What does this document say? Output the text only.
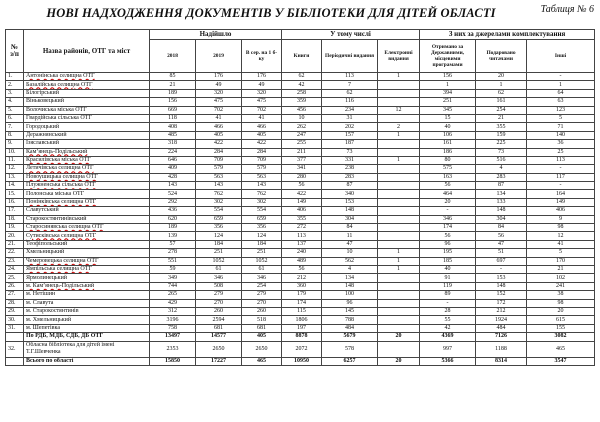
НОВІ НАДХОДЖЕННЯ ДОКУМЕНТІВ У БІБЛІОТЕКИ ДЛЯ ДІТЕЙ ОБЛАСТІ	Таблиця № 6
№ з/п	Назва районів, ОТГ та міст	Надійшло			У тому числі			З них за джерелами комплектування		
		2018	2019	В сер. на 1 б-ку	Книги	Періодичні видання	Електронні видання	Отримано за Державними, місцевими програмами	Подаровано читачами	Інші
1.	Антонінська селищна ОТГ	85	176	176	62	113	1	156	20	-
2.	Базалійська селищна ОТГ	21	49	49	42	7		1	1	1
3.	Білогірський	189	320	320	258	62		394	62	64
4.	Віньковецький	156	475	475	359	116		251	161	63
5.	Волочиська міська ОТГ	669	702	702	456	234	12	345	254	123
6.	Гвардійська сільська ОТГ	118	41	41	10	31		15	21	5
7.	Городоцький	408	466	466	262	202	2	40	355	71
8.	Деражнянський	485	405	405	247	157	1	106	159	140
9.	Ізяславський	318	422	422	255	187		161	225	36
10.	Кам’янець-Подільський	224	284	284	211	73		186	73	25
11.	Красилівська міська ОТГ	646	709	709	377	331	1	80	516	113
12.	Летичівська селищна ОТГ	409	579	579	341	238		575	4	-
13.	Новоушицька селищна ОТГ	428	563	563	280	283		163	283	117
14.	Плужненська сільська ОТГ	143	143	143	56	87		56	87	-
15.	Полонська міська ОТГ	524	762	762	422	340		464	134	164
16.	Понінківська селищна ОТГ	292	302	302	149	153		20	133	149
17.	Славутський	436	554	554	406	148		-	148	406
18.	Старокостянтинівський	620	659	659	355	304		346	304	9
19.	Старосинявська селищна ОТГ	189	356	356	272	84		174	84	98
20.	Сутисківська селищна ОТГ	139	124	124	113	11		56	56	12
21.	Теофіпольський	57	184	184	137	47		96	47	41
22.	Хмельницький	278	251	251	240	10	1	195	51	5
23.	Чемеровецька селищна ОТГ	551	1052	1052	489	562	1	185	697	170
24.	Ямпільська селищна ОТГ	59	61	61	56	4	1	40	-	21
25.	Ярмолинецький	349	346	346	212	134		91	153	102
26.	м. Кам’янець-Подільський	744	508	254	360	148		119	148	241
27.	м. Нетішин	265	279	279	179	100		89	152	38
28.	м. Славута	429	270	270	174	96		-	172	98
29.	м. Старокостянтинів	312	260	260	115	145		28	212	20
30.	м. Хмельницький	3196	2594	518	1806	788		55	1924	615
31.	м. Шепетівка	758	681	681	197	484		42	484	155
	По РДБ, МДБ, СДБ, ДБ ОТГ	13497	14577	405	8878	5679	20	4369	7126	3082
32.	Обласна бібліотека для дітей імені Т.Г.Шевченка	2353	2650	2650	2072	578		997	1188	465
	Всього по області	15850	17227	465	10950	6257	20	5366	8314	3547
